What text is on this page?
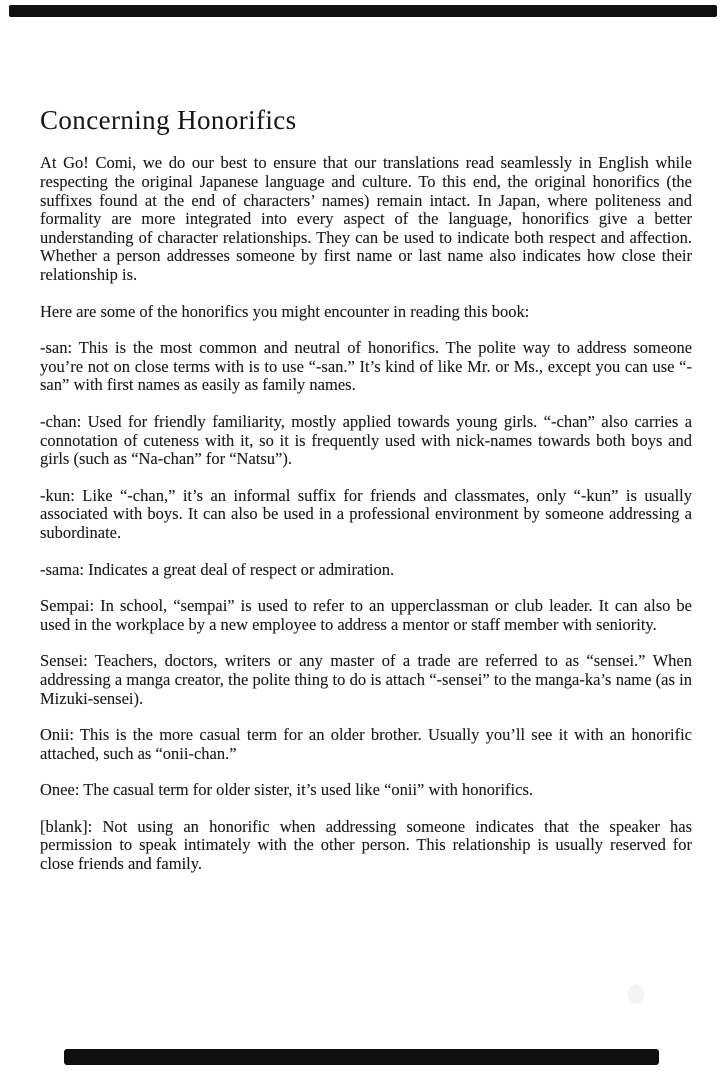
Concerning Honorifics

At Go! Comi, we do our best to ensure that our translations read seamlessly in English while respecting the original Japanese language and culture. To this end, the original honorifics (the suffixes found at the end of characters’ names) remain intact. In Japan, where politeness and formality are more integrated into every aspect of the language, honorifics give a better understanding of character relationships. They can be used to indicate both respect and affection. Whether a person addresses someone by first name or last name also indicates how close their relationship is.

Here are some of the honorifics you might encounter in reading this book:

-san: This is the most common and neutral of honorifics. The polite way to address someone you’re not on close terms with is to use “-san.” It’s kind of like Mr. or Ms., except you can use “-san” with first names as easily as family names.

-chan: Used for friendly familiarity, mostly applied towards young girls. “-chan” also carries a connotation of cuteness with it, so it is frequently used with nick-names towards both boys and girls (such as “Na-chan” for “Natsu”).

-kun: Like “-chan,” it’s an informal suffix for friends and classmates, only “-kun” is usually associated with boys. It can also be used in a professional environment by someone addressing a subordinate.

-sama: Indicates a great deal of respect or admiration.

Sempai: In school, “sempai” is used to refer to an upperclassman or club leader. It can also be used in the workplace by a new employee to address a mentor or staff member with seniority.

Sensei: Teachers, doctors, writers or any master of a trade are referred to as “sensei.” When addressing a manga creator, the polite thing to do is attach “-sensei” to the manga-ka’s name (as in Mizuki-sensei).

Onii: This is the more casual term for an older brother. Usually you’ll see it with an honorific attached, such as “onii-chan.”

Onee: The casual term for older sister, it’s used like “onii” with honorifics.

[blank]: Not using an honorific when addressing someone indicates that the speaker has permission to speak intimately with the other person. This relationship is usually reserved for close friends and family.
